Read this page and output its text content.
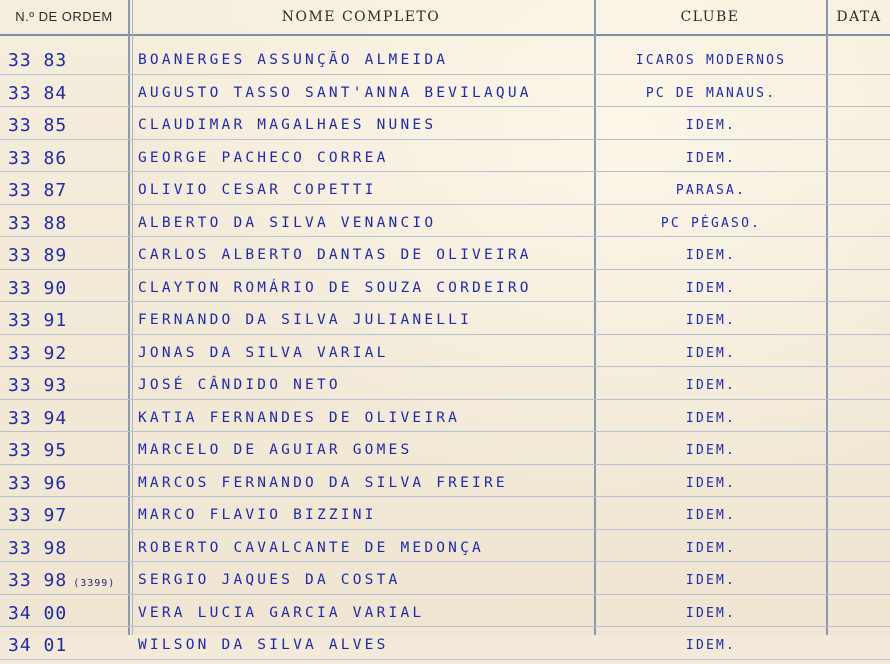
N.º DE ORDEM	NOME COMPLETO	CLUBE	DATA
33 83	BOANERGES ASSUNÇÃO ALMEIDA	ICAROS MODERNOS
33 84	AUGUSTO TASSO SANT'ANNA BEVILAQUA	PC DE MANAUS.
33 85	CLAUDIMAR MAGALHAES NUNES	IDEM.
33 86	GEORGE PACHECO CORREA	IDEM.
33 87	OLIVIO CESAR COPETTI	PARASA.
33 88	ALBERTO DA SILVA VENANCIO	PC PÉGASO.
33 89	CARLOS ALBERTO DANTAS DE OLIVEIRA	IDEM.
33 90	CLAYTON ROMÁRIO DE SOUZA CORDEIRO	IDEM.
33 91	FERNANDO DA SILVA JULIANELLI	IDEM.
33 92	JONAS DA SILVA VARIAL	IDEM.
33 93	JOSÉ CÂNDIDO NETO	IDEM.
33 94	KATIA FERNANDES DE OLIVEIRA	IDEM.
33 95	MARCELO DE AGUIAR GOMES	IDEM.
33 96	MARCOS FERNANDO DA SILVA FREIRE	IDEM.
33 97	MARCO FLAVIO BIZZINI	IDEM.
33 98	ROBERTO CAVALCANTE DE MEDONÇA	IDEM.
33 98 (3399)	SERGIO JAQUES DA COSTA	IDEM.
34 00	VERA LUCIA GARCIA VARIAL	IDEM.
34 01	WILSON DA SILVA ALVES	IDEM.
